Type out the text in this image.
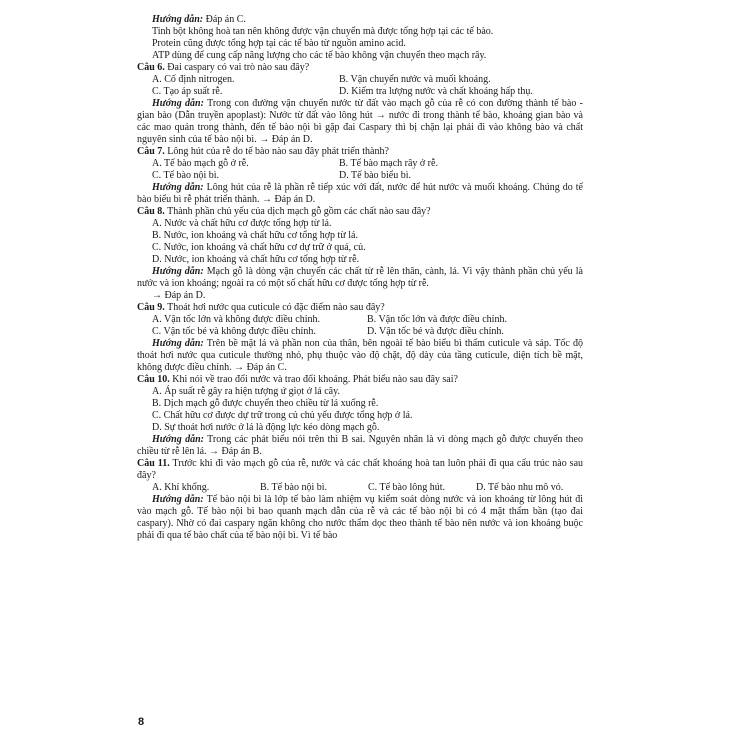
Hướng dẫn: Đáp án C.

Tinh bột không hoà tan nên không được vận chuyển mà được tổng hợp tại các tế bào.

Protein cũng được tổng hợp tại các tế bào từ nguồn amino acid.

ATP dùng để cung cấp năng lượng cho các tế bào không vận chuyển theo mạch rây.

Câu 6. Đai caspary có vai trò nào sau đây?

A. Cố định nitrogen.	B. Vận chuyển nước và muối khoáng.
C. Tạo áp suất rễ.	D. Kiểm tra lượng nước và chất khoáng hấp thụ.

Hướng dẫn: Trong con đường vận chuyển nước từ đất vào mạch gỗ của rễ có con đường thành tế bào - gian bào (Dẫn truyền apoplast): Nước từ đất vào lông hút → nước đi trong thành tế bào, khoảng gian bào và các mao quản trong thành, đến tế bào nội bì gặp đai Caspary thì bị chặn lại phải đi vào không bào và chất nguyên sinh của tế bào nội bì. → Đáp án D.

Câu 7. Lông hút của rễ do tế bào nào sau đây phát triển thành?

A. Tế bào mạch gỗ ở rễ.	B. Tế bào mạch rây ở rễ.
C. Tế bào nội bì.	D. Tế bào biểu bì.

Hướng dẫn: Lông hút của rễ là phần rễ tiếp xúc với đất, nước để hút nước và muối khoáng. Chúng do tế bào biểu bì rễ phát triển thành. → Đáp án D.

Câu 8. Thành phần chủ yếu của dịch mạch gỗ gồm các chất nào sau đây?

A. Nước và chất hữu cơ được tổng hợp từ lá.

B. Nước, ion khoáng và chất hữu cơ tổng hợp từ lá.

C. Nước, ion khoáng và chất hữu cơ dự trữ ở quả, củ.

D. Nước, ion khoáng và chất hữu cơ tổng hợp từ rễ.

Hướng dẫn: Mạch gỗ là dòng vận chuyển các chất từ rễ lên thân, cành, lá. Vì vậy thành phần chủ yếu là nước và ion khoáng; ngoài ra có một số chất hữu cơ được tổng hợp từ rễ.

→ Đáp án D.

Câu 9. Thoát hơi nước qua cuticule có đặc điểm nào sau đây?

A. Vận tốc lớn và không được điều chỉnh.	B. Vận tốc lớn và được điều chỉnh.
C. Vận tốc bé và không được điều chỉnh.	D. Vận tốc bé và được điều chỉnh.

Hướng dẫn: Trên bề mặt lá và phần non của thân, bên ngoài tế bào biểu bì thấm cuticule và sáp. Tốc độ thoát hơi nước qua cuticule thường nhỏ, phụ thuộc vào độ chặt, độ dày của tầng cuticule, diện tích bề mặt, không được điều chỉnh. → Đáp án C.

Câu 10. Khi nói về trao đổi nước và trao đổi khoáng. Phát biểu nào sau đây sai?

A. Áp suất rễ gây ra hiện tượng ứ giọt ở lá cây.

B. Dịch mạch gỗ được chuyển theo chiều từ lá xuống rễ.

C. Chất hữu cơ được dự trữ trong củ chủ yếu được tổng hợp ở lá.

D. Sự thoát hơi nước ở lá là động lực kéo dòng mạch gỗ.

Hướng dẫn: Trong các phát biểu nói trên thì B sai. Nguyên nhân là vì dòng mạch gỗ được chuyển theo chiều từ rễ lên lá. → Đáp án B.

Câu 11. Trước khi đi vào mạch gỗ của rễ, nước và các chất khoáng hoà tan luôn phải đi qua cấu trúc nào sau đây?

A. Khí khổng.	B. Tế bào nội bì.	C. Tế bào lông hút.	D. Tế bào nhu mô vỏ.

Hướng dẫn: Tế bào nội bì là lớp tế bào làm nhiệm vụ kiểm soát dòng nước và ion khoáng từ lông hút đi vào mạch gỗ. Tế bào nội bì bao quanh mạch dẫn của rễ và các tế bào nội bì có 4 mặt thấm bần (tạo đai caspary). Nhờ có đai caspary ngăn không cho nước thẩm dọc theo thành tế bào nên nước và ion khoáng buộc phải đi qua tế bào chất của tế bào nội bì. Vì tế bào

8
